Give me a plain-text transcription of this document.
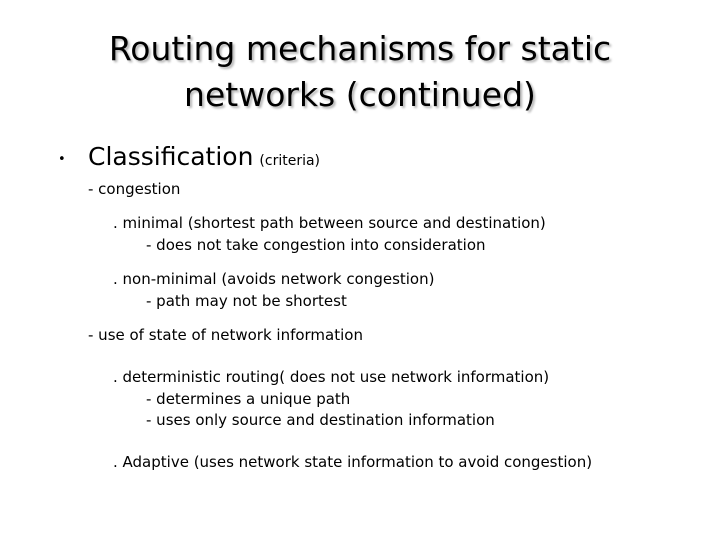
Routing mechanisms for static
networks (continued)
• Classification (criteria)
- congestion
. minimal (shortest path between source and destination)
- does not take congestion into consideration
. non-minimal (avoids network congestion)
- path may not be shortest
- use of state of network information
. deterministic routing( does not use network information)
- determines a unique path
- uses only source and destination information
. Adaptive (uses network state information to avoid congestion)
